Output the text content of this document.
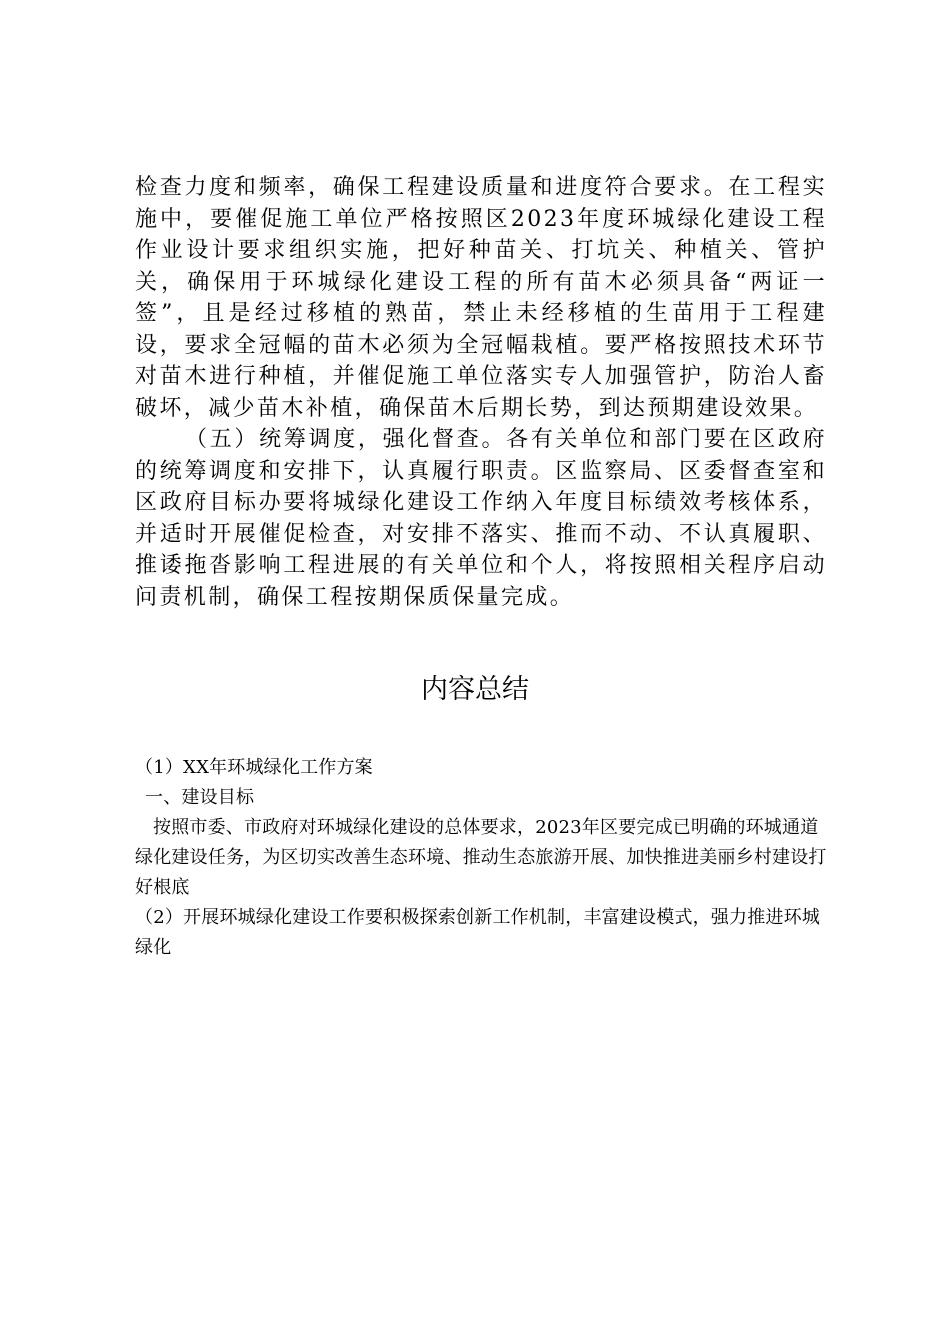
检查力度和频率，确保工程建设质量和进度符合要求。在工程实施中，要催促施工单位严格按照区2023年度环城绿化建设工程作业设计要求组织实施，把好种苗关、打坑关、种植关、管护关，确保用于环城绿化建设工程的所有苗木必须具备“两证一签”，且是经过移植的熟苗，禁止未经移植的生苗用于工程建设，要求全冠幅的苗木必须为全冠幅栽植。要严格按照技术环节对苗木进行种植，并催促施工单位落实专人加强管护，防治人畜破坏，减少苗木补植，确保苗木后期长势，到达预期建设效果。

（五）统筹调度，强化督查。各有关单位和部门要在区政府的统筹调度和安排下，认真履行职责。区监察局、区委督查室和区政府目标办要将城绿化建设工作纳入年度目标绩效考核体系，并适时开展催促检查，对安排不落实、推而不动、不认真履职、推诿拖沓影响工程进展的有关单位和个人，将按照相关程序启动问责机制，确保工程按期保质保量完成。

内容总结

（1）XX年环城绿化工作方案

一、建设目标

按照市委、市政府对环城绿化建设的总体要求，2023年区要完成已明确的环城通道绿化建设任务，为区切实改善生态环境、推动生态旅游开展、加快推进美丽乡村建设打好根底

（2）开展环城绿化建设工作要积极探索创新工作机制，丰富建设模式，强力推进环城绿化
